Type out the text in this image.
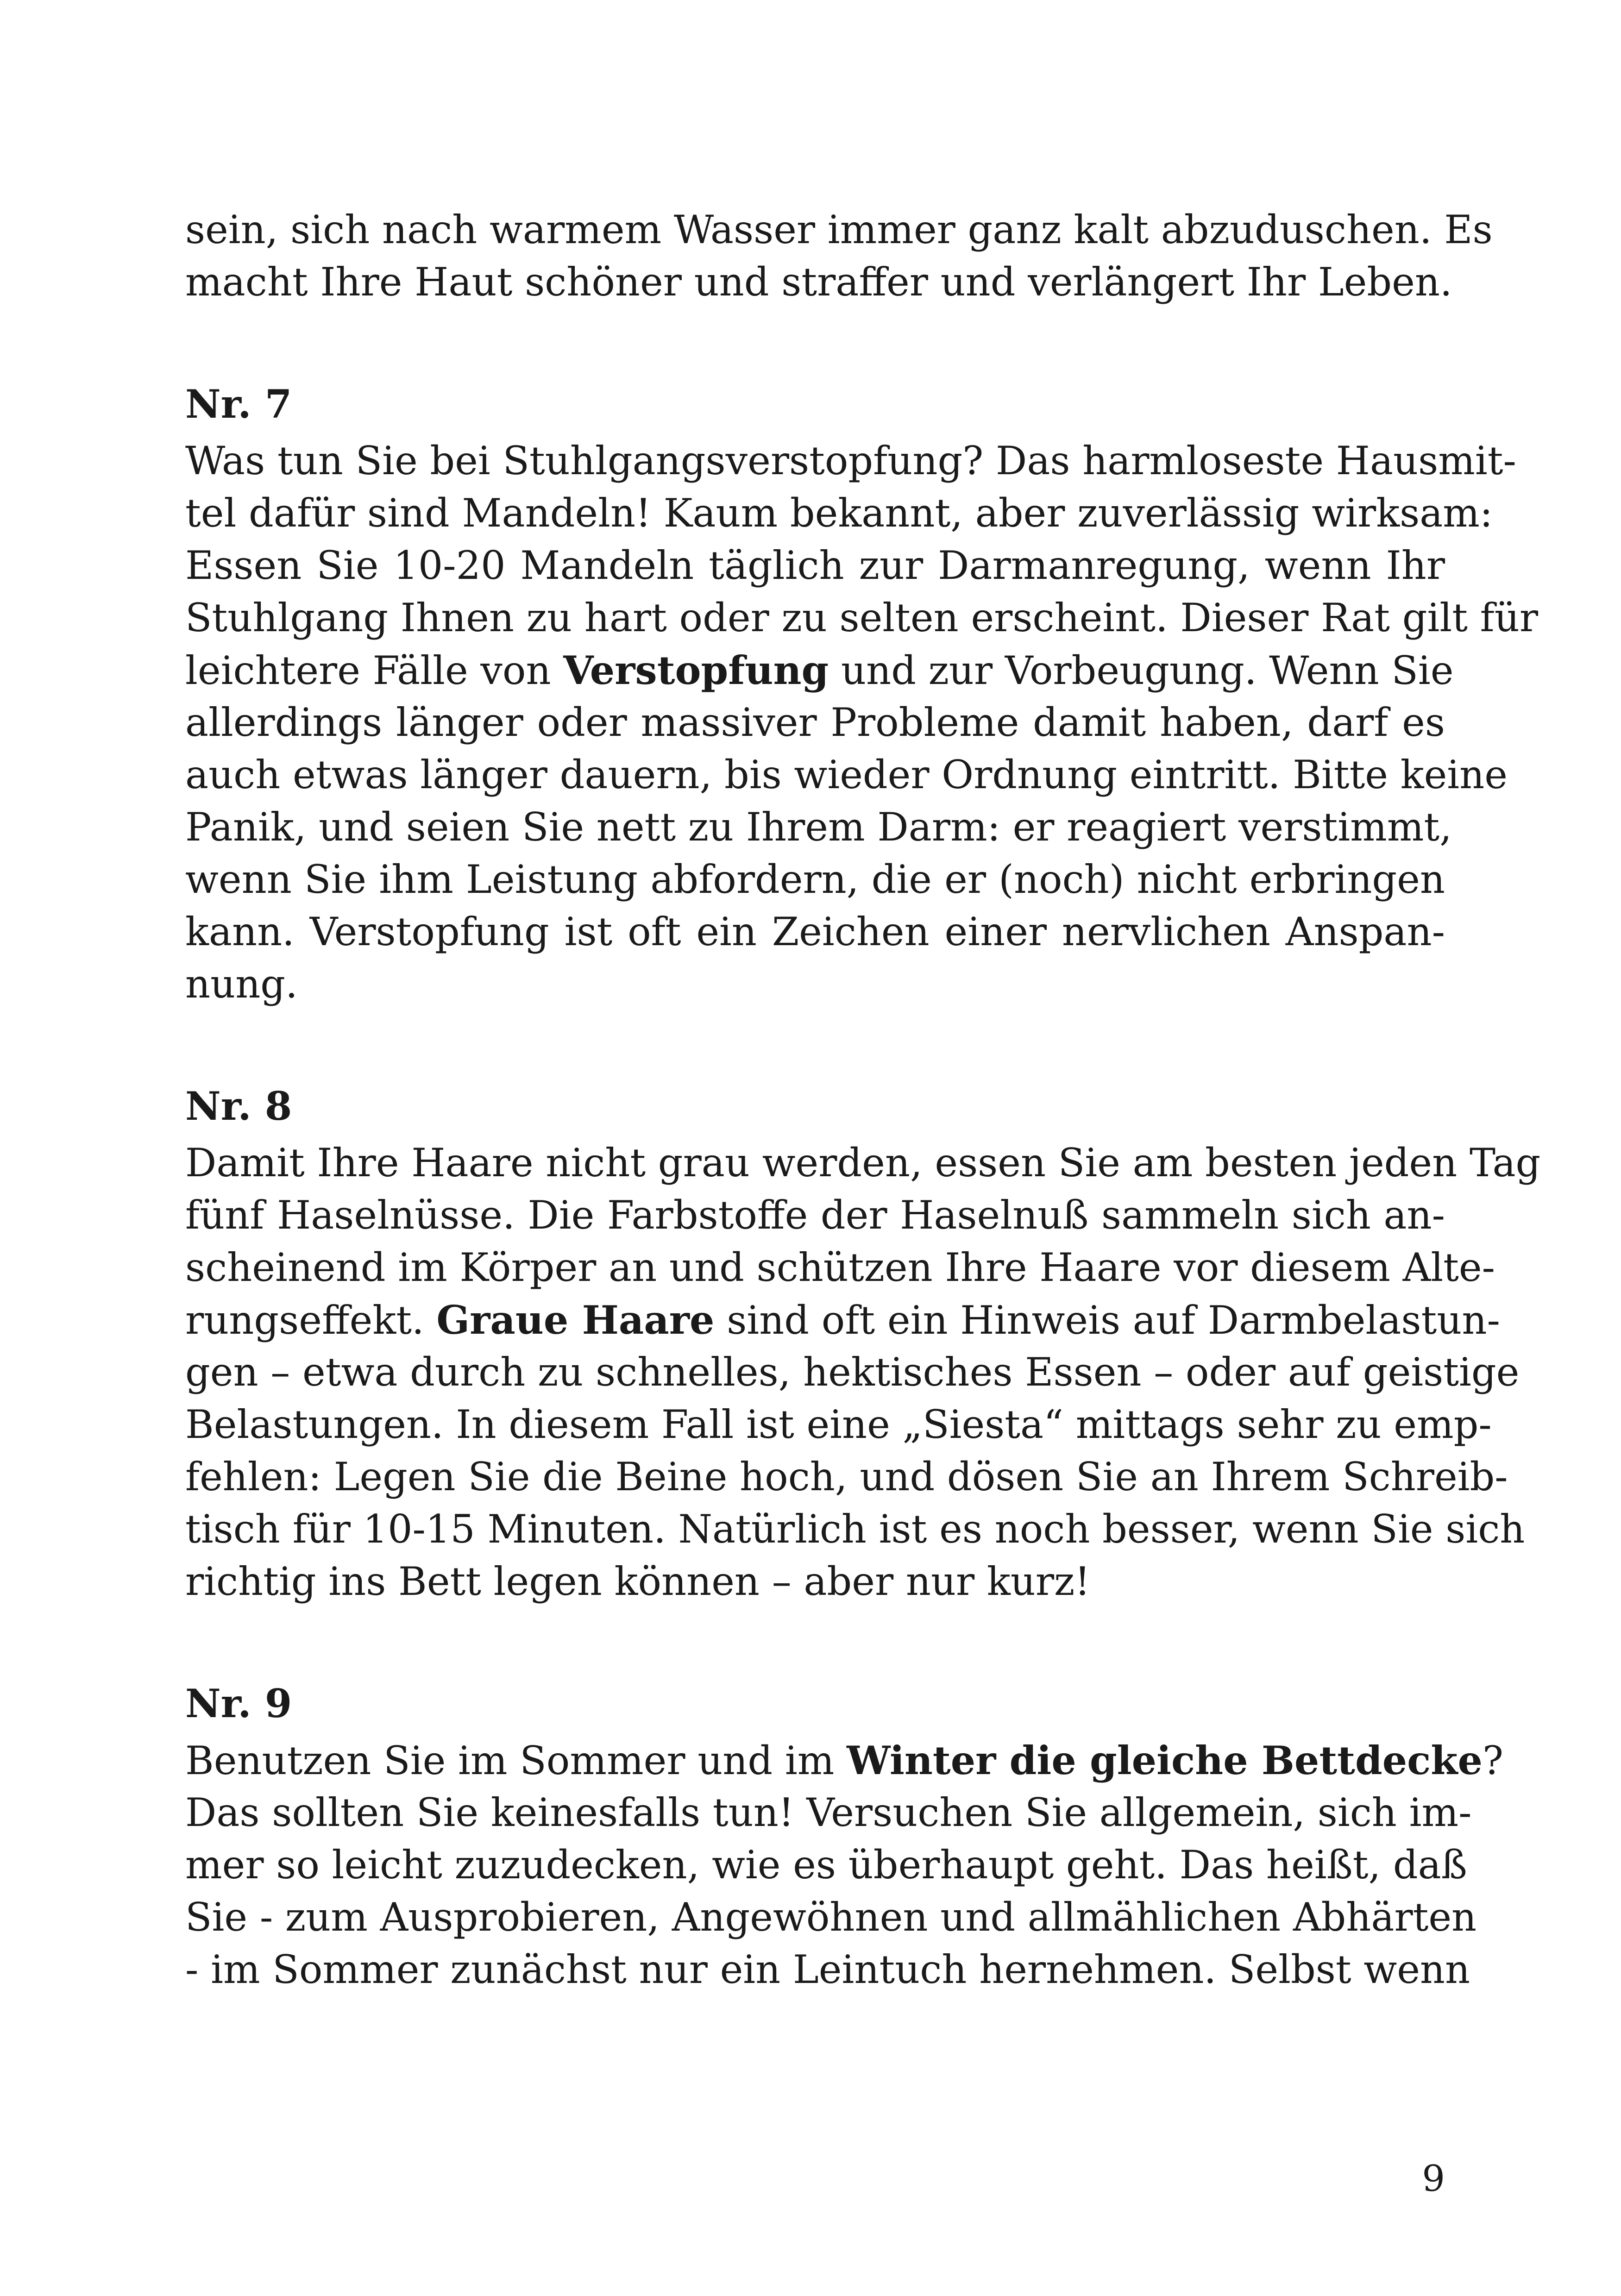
sein, sich nach warmem Wasser immer ganz kalt abzuduschen. Es
macht Ihre Haut schöner und straffer und verlängert Ihr Leben.
Nr. 7
Was tun Sie bei Stuhlgangsverstopfung? Das harmloseste Hausmit-
tel dafür sind Mandeln! Kaum bekannt, aber zuverlässig wirksam:
Essen Sie 10-20 Mandeln täglich zur Darmanregung, wenn Ihr
Stuhlgang Ihnen zu hart oder zu selten erscheint. Dieser Rat gilt für
leichtere Fälle von Verstopfung und zur Vorbeugung. Wenn Sie
allerdings länger oder massiver Probleme damit haben, darf es
auch etwas länger dauern, bis wieder Ordnung eintritt. Bitte keine
Panik, und seien Sie nett zu Ihrem Darm: er reagiert verstimmt,
wenn Sie ihm Leistung abfordern, die er (noch) nicht erbringen
kann. Verstopfung ist oft ein Zeichen einer nervlichen Anspan-
nung.
Nr. 8
Damit Ihre Haare nicht grau werden, essen Sie am besten jeden Tag
fünf Haselnüsse. Die Farbstoffe der Haselnuß sammeln sich an-
scheinend im Körper an und schützen Ihre Haare vor diesem Alte-
rungseffekt. Graue Haare sind oft ein Hinweis auf Darmbelastun-
gen – etwa durch zu schnelles, hektisches Essen – oder auf geistige
Belastungen. In diesem Fall ist eine „Siesta“ mittags sehr zu emp-
fehlen: Legen Sie die Beine hoch, und dösen Sie an Ihrem Schreib-
tisch für 10-15 Minuten. Natürlich ist es noch besser, wenn Sie sich
richtig ins Bett legen können – aber nur kurz!
Nr. 9
Benutzen Sie im Sommer und im Winter die gleiche Bettdecke?
Das sollten Sie keinesfalls tun! Versuchen Sie allgemein, sich im-
mer so leicht zuzudecken, wie es überhaupt geht. Das heißt, daß
Sie - zum Ausprobieren, Angewöhnen und allmählichen Abhärten
- im Sommer zunächst nur ein Leintuch hernehmen. Selbst wenn
9
